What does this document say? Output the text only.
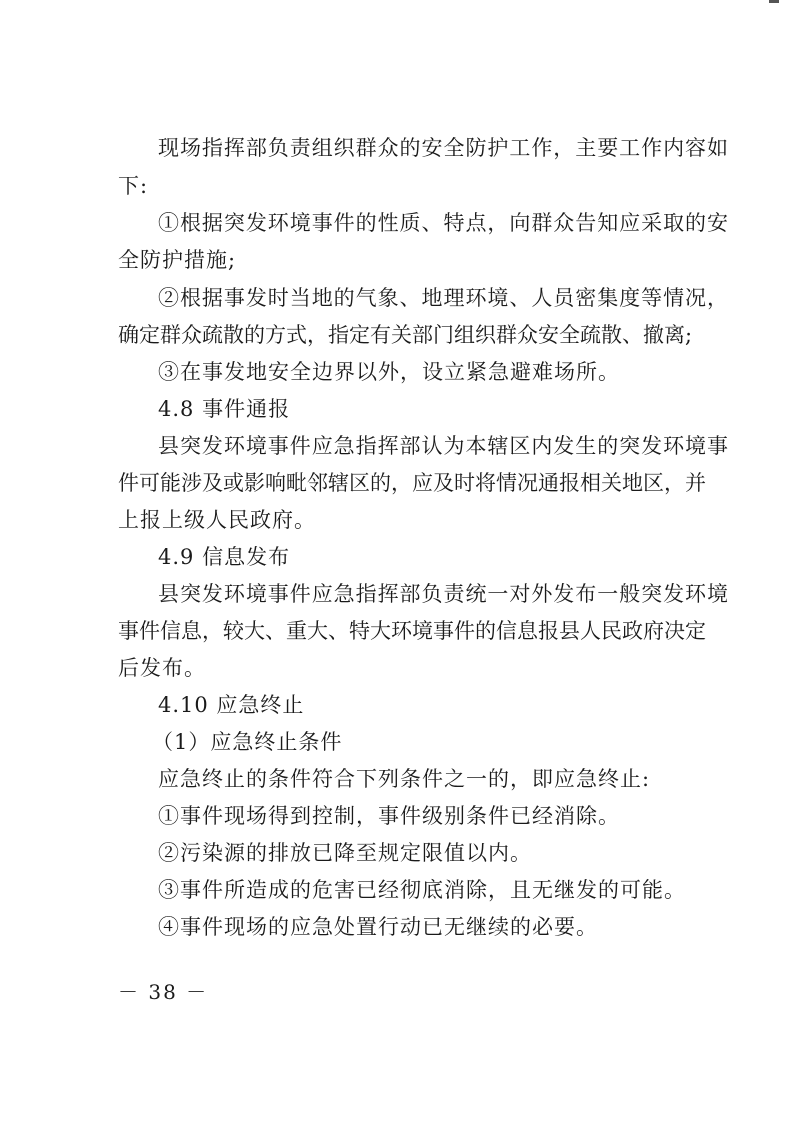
现场指挥部负责组织群众的安全防护工作，主要工作内容如
下:
①根据突发环境事件的性质、特点，向群众告知应采取的安
全防护措施;
②根据事发时当地的气象、地理环境、人员密集度等情况，
确定群众疏散的方式，指定有关部门组织群众安全疏散、撤离;
③在事发地安全边界以外，设立紧急避难场所。
4.8 事件通报
县突发环境事件应急指挥部认为本辖区内发生的突发环境事
件可能涉及或影响毗邻辖区的，应及时将情况通报相关地区，并
上报上级人民政府。
4.9 信息发布
县突发环境事件应急指挥部负责统一对外发布一般突发环境
事件信息，较大、重大、特大环境事件的信息报县人民政府决定
后发布。
4.10 应急终止
（1）应急终止条件
应急终止的条件符合下列条件之一的，即应急终止:
①事件现场得到控制，事件级别条件已经消除。
②污染源的排放已降至规定限值以内。
③事件所造成的危害已经彻底消除，且无继发的可能。
④事件现场的应急处置行动已无继续的必要。
－ 38 －
